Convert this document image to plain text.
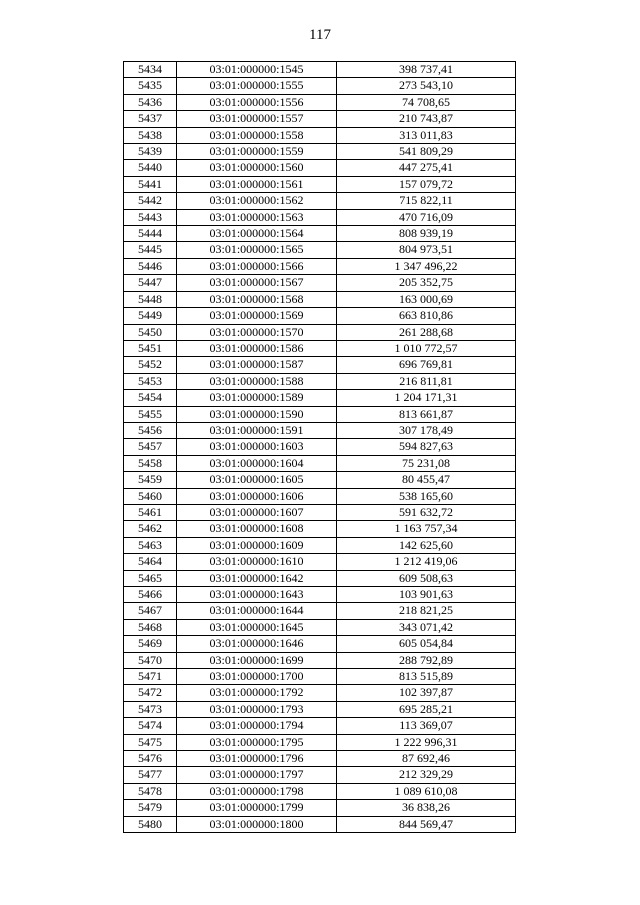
117
5434	03:01:000000:1545	398 737,41
5435	03:01:000000:1555	273 543,10
5436	03:01:000000:1556	74 708,65
5437	03:01:000000:1557	210 743,87
5438	03:01:000000:1558	313 011,83
5439	03:01:000000:1559	541 809,29
5440	03:01:000000:1560	447 275,41
5441	03:01:000000:1561	157 079,72
5442	03:01:000000:1562	715 822,11
5443	03:01:000000:1563	470 716,09
5444	03:01:000000:1564	808 939,19
5445	03:01:000000:1565	804 973,51
5446	03:01:000000:1566	1 347 496,22
5447	03:01:000000:1567	205 352,75
5448	03:01:000000:1568	163 000,69
5449	03:01:000000:1569	663 810,86
5450	03:01:000000:1570	261 288,68
5451	03:01:000000:1586	1 010 772,57
5452	03:01:000000:1587	696 769,81
5453	03:01:000000:1588	216 811,81
5454	03:01:000000:1589	1 204 171,31
5455	03:01:000000:1590	813 661,87
5456	03:01:000000:1591	307 178,49
5457	03:01:000000:1603	594 827,63
5458	03:01:000000:1604	75 231,08
5459	03:01:000000:1605	80 455,47
5460	03:01:000000:1606	538 165,60
5461	03:01:000000:1607	591 632,72
5462	03:01:000000:1608	1 163 757,34
5463	03:01:000000:1609	142 625,60
5464	03:01:000000:1610	1 212 419,06
5465	03:01:000000:1642	609 508,63
5466	03:01:000000:1643	103 901,63
5467	03:01:000000:1644	218 821,25
5468	03:01:000000:1645	343 071,42
5469	03:01:000000:1646	605 054,84
5470	03:01:000000:1699	288 792,89
5471	03:01:000000:1700	813 515,89
5472	03:01:000000:1792	102 397,87
5473	03:01:000000:1793	695 285,21
5474	03:01:000000:1794	113 369,07
5475	03:01:000000:1795	1 222 996,31
5476	03:01:000000:1796	87 692,46
5477	03:01:000000:1797	212 329,29
5478	03:01:000000:1798	1 089 610,08
5479	03:01:000000:1799	36 838,26
5480	03:01:000000:1800	844 569,47
